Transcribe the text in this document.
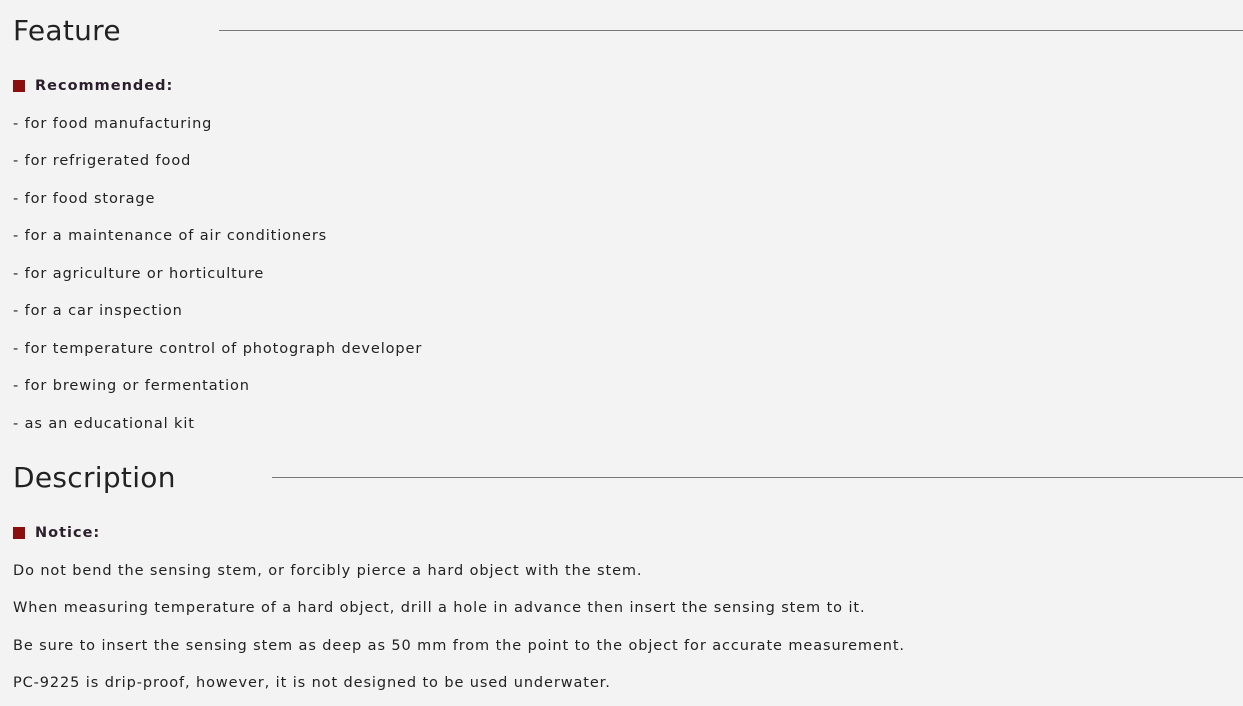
Feature
Recommended:
- for food manufacturing
- for refrigerated food
- for food storage
- for a maintenance of air conditioners
- for agriculture or horticulture
- for a car inspection
- for temperature control of photograph developer
- for brewing or fermentation
- as an educational kit
Description
Notice:
Do not bend the sensing stem, or forcibly pierce a hard object with the stem.
When measuring temperature of a hard object, drill a hole in advance then insert the sensing stem to it.
Be sure to insert the sensing stem as deep as 50 mm from the point to the object for accurate measurement.
PC-9225 is drip-proof, however, it is not designed to be used underwater.
